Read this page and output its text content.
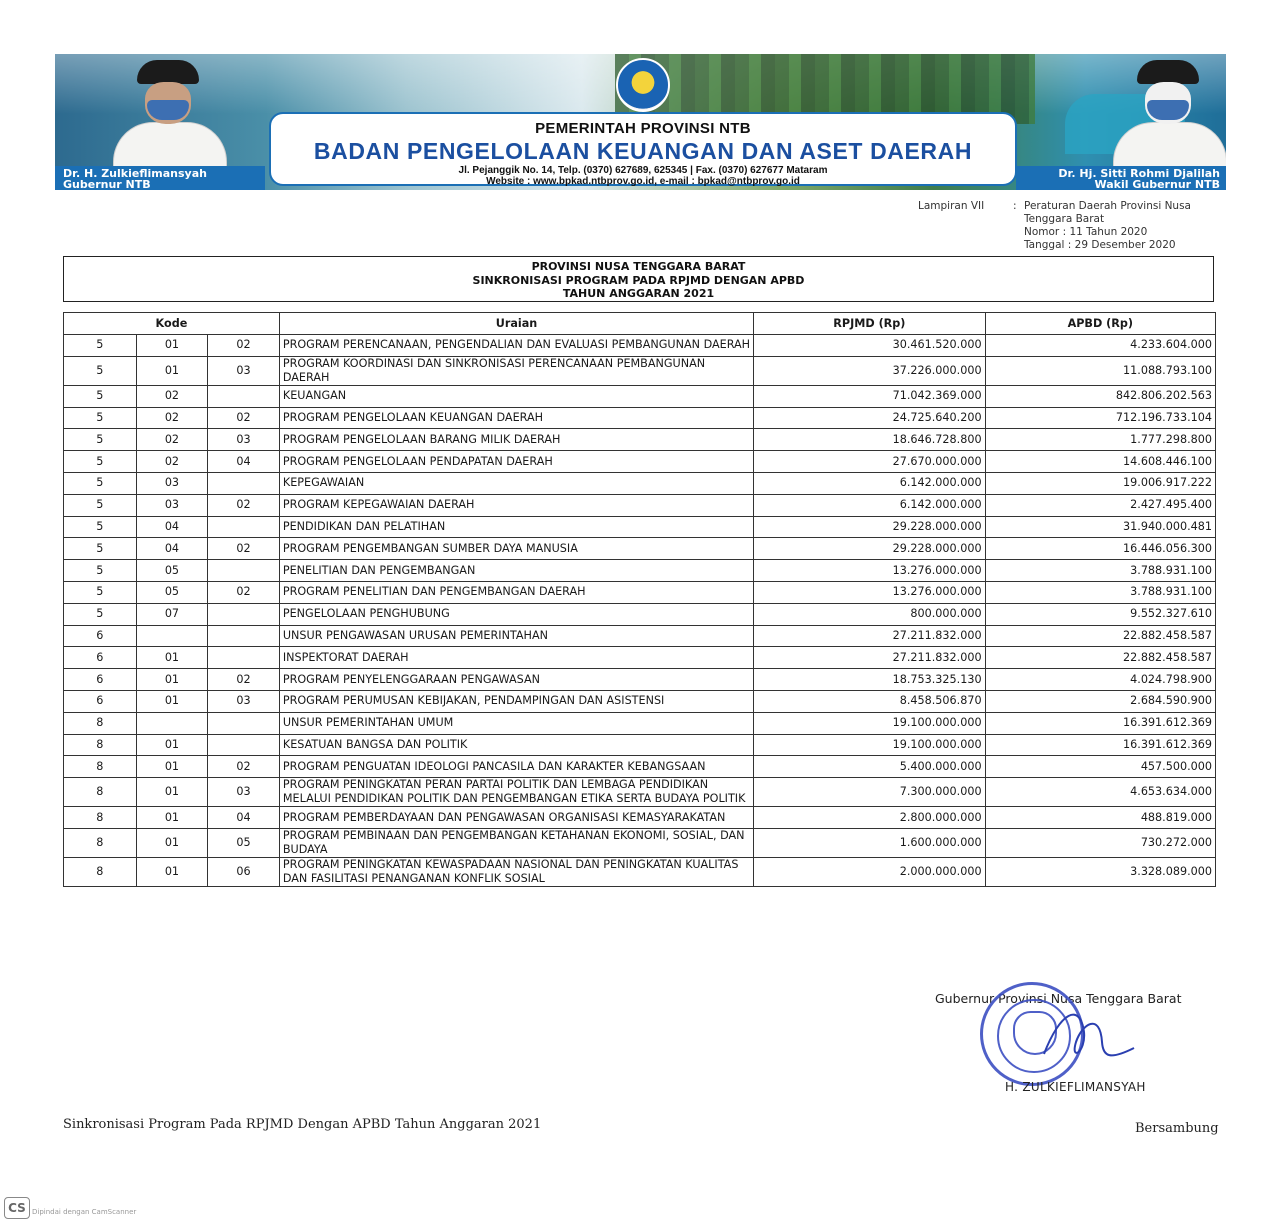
Dr. H. Zulkieflimansyah
Gubernur NTB
Dr. Hj. Sitti Rohmi Djalilah
Wakil Gubernur NTB
PEMERINTAH PROVINSI NTB
BADAN PENGELOLAAN KEUANGAN DAN ASET DAERAH
Jl. Pejanggik No. 14, Telp. (0370) 627689, 625345 | Fax. (0370) 627677 Mataram
Website : www.bpkad.ntbprov.go.id, e-mail : bpkad@ntbprov.go.id
Lampiran VII	: Peraturan Daerah Provinsi Nusa Tenggara Barat
Nomor : 11 Tahun 2020
Tanggal : 29 Desember 2020
PROVINSI NUSA TENGGARA BARAT
SINKRONISASI PROGRAM PADA RPJMD DENGAN APBD
TAHUN ANGGARAN 2021
Kode			Uraian	RPJMD (Rp)	APBD (Rp)
5	01	02	PROGRAM PERENCANAAN, PENGENDALIAN DAN EVALUASI PEMBANGUNAN DAERAH	30.461.520.000	4.233.604.000
5	01	03	PROGRAM KOORDINASI DAN SINKRONISASI PERENCANAAN PEMBANGUNAN DAERAH	37.226.000.000	11.088.793.100
5	02		KEUANGAN	71.042.369.000	842.806.202.563
5	02	02	PROGRAM PENGELOLAAN KEUANGAN DAERAH	24.725.640.200	712.196.733.104
5	02	03	PROGRAM PENGELOLAAN BARANG MILIK DAERAH	18.646.728.800	1.777.298.800
5	02	04	PROGRAM PENGELOLAAN PENDAPATAN DAERAH	27.670.000.000	14.608.446.100
5	03		KEPEGAWAIAN	6.142.000.000	19.006.917.222
5	03	02	PROGRAM KEPEGAWAIAN DAERAH	6.142.000.000	2.427.495.400
5	04		PENDIDIKAN DAN PELATIHAN	29.228.000.000	31.940.000.481
5	04	02	PROGRAM PENGEMBANGAN SUMBER DAYA MANUSIA	29.228.000.000	16.446.056.300
5	05		PENELITIAN DAN PENGEMBANGAN	13.276.000.000	3.788.931.100
5	05	02	PROGRAM PENELITIAN DAN PENGEMBANGAN DAERAH	13.276.000.000	3.788.931.100
5	07		PENGELOLAAN PENGHUBUNG	800.000.000	9.552.327.610
6			UNSUR PENGAWASAN URUSAN PEMERINTAHAN	27.211.832.000	22.882.458.587
6	01		INSPEKTORAT DAERAH	27.211.832.000	22.882.458.587
6	01	02	PROGRAM PENYELENGGARAAN PENGAWASAN	18.753.325.130	4.024.798.900
6	01	03	PROGRAM PERUMUSAN KEBIJAKAN, PENDAMPINGAN DAN ASISTENSI	8.458.506.870	2.684.590.900
8			UNSUR PEMERINTAHAN UMUM	19.100.000.000	16.391.612.369
8	01		KESATUAN BANGSA DAN POLITIK	19.100.000.000	16.391.612.369
8	01	02	PROGRAM PENGUATAN IDEOLOGI PANCASILA DAN KARAKTER KEBANGSAAN	5.400.000.000	457.500.000
8	01	03	PROGRAM PENINGKATAN PERAN PARTAI POLITIK DAN LEMBAGA PENDIDIKAN MELALUI PENDIDIKAN POLITIK DAN PENGEMBANGAN ETIKA SERTA BUDAYA POLITIK	7.300.000.000	4.653.634.000
8	01	04	PROGRAM PEMBERDAYAAN DAN PENGAWASAN ORGANISASI KEMASYARAKATAN	2.800.000.000	488.819.000
8	01	05	PROGRAM PEMBINAAN DAN PENGEMBANGAN KETAHANAN EKONOMI, SOSIAL, DAN BUDAYA	1.600.000.000	730.272.000
8	01	06	PROGRAM PENINGKATAN KEWASPADAAN NASIONAL DAN PENINGKATAN KUALITAS DAN FASILITASI PENANGANAN KONFLIK SOSIAL	2.000.000.000	3.328.089.000
Gubernur Provinsi Nusa Tenggara Barat
H. ZULKIEFLIMANSYAH
Sinkronisasi Program Pada RPJMD Dengan APBD Tahun Anggaran 2021	Bersambung
CS Dipindai dengan CamScanner
